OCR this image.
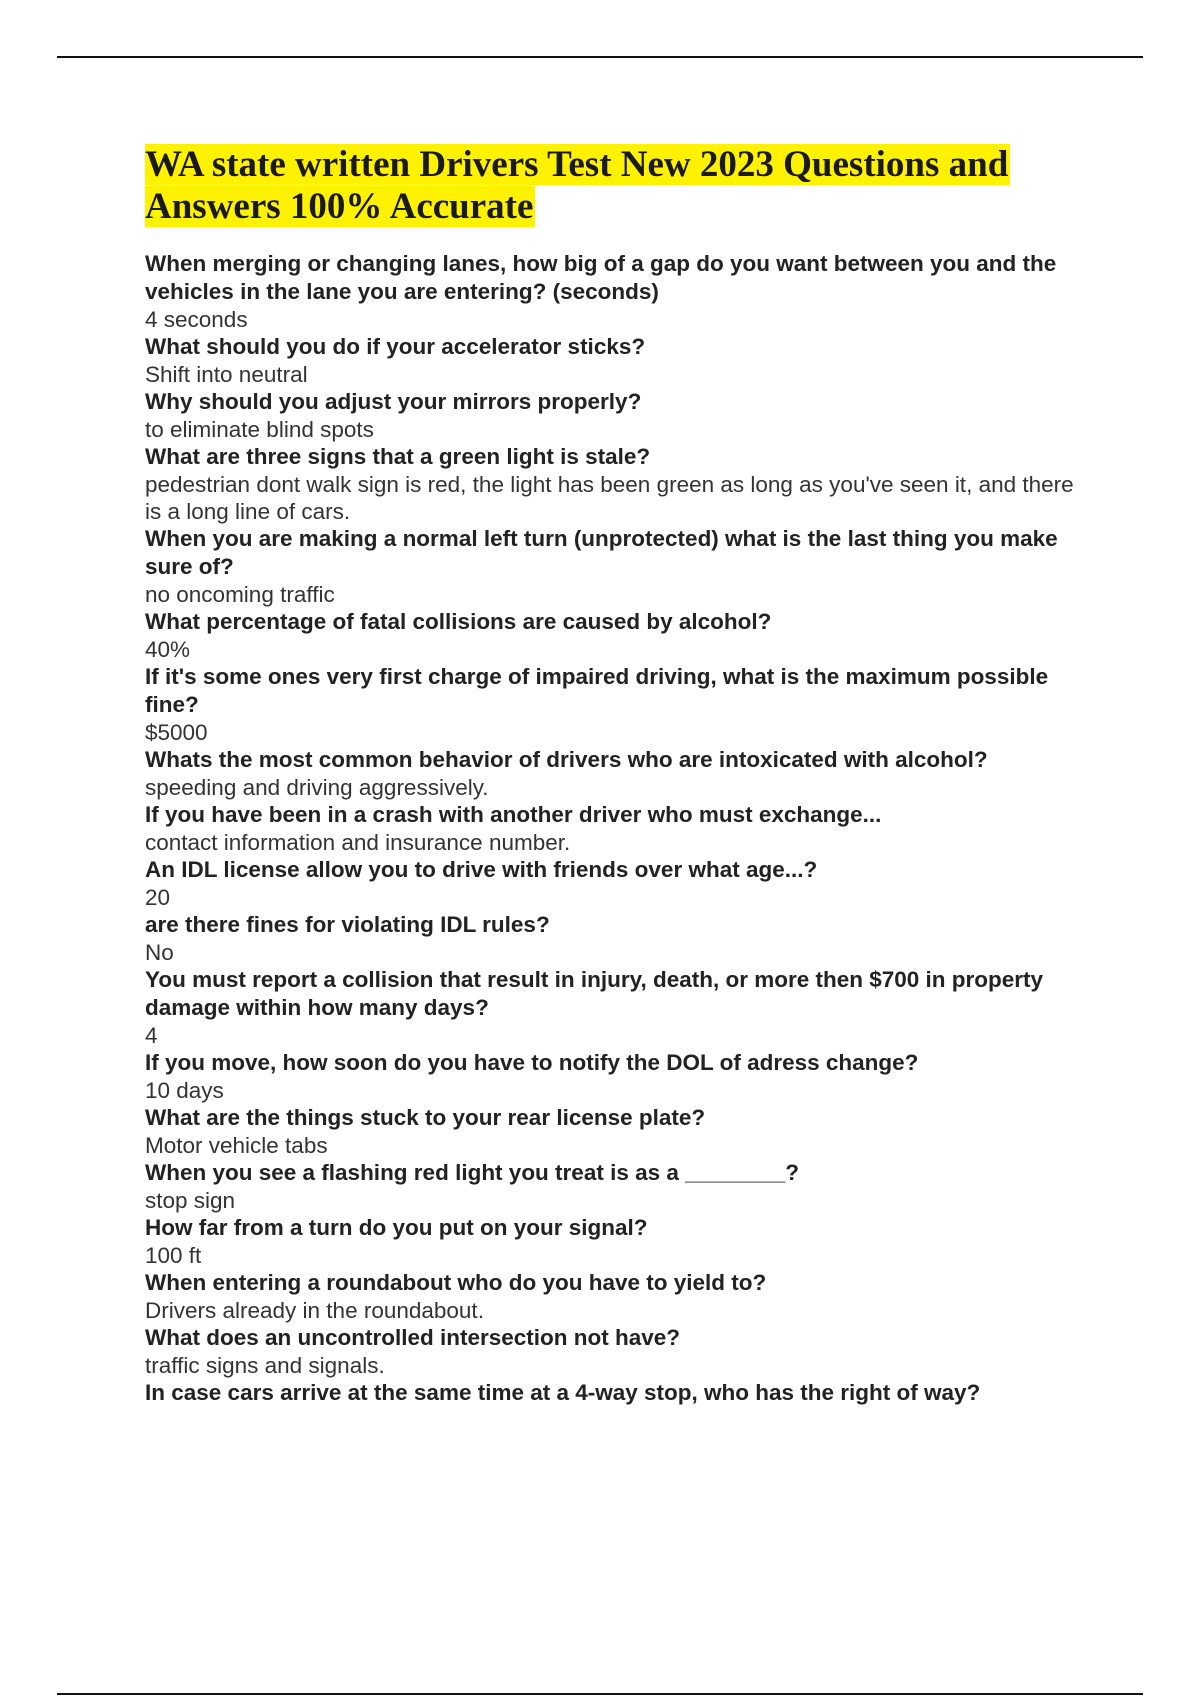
WA state written Drivers Test New 2023 Questions and Answers 100% Accurate
When merging or changing lanes, how big of a gap do you want between you and the vehicles in the lane you are entering? (seconds)
4 seconds
What should you do if your accelerator sticks?
Shift into neutral
Why should you adjust your mirrors properly?
to eliminate blind spots
What are three signs that a green light is stale?
pedestrian dont walk sign is red, the light has been green as long as you've seen it, and there is a long line of cars.
When you are making a normal left turn (unprotected) what is the last thing you make sure of?
no oncoming traffic
What percentage of fatal collisions are caused by alcohol?
40%
If it's some ones very first charge of impaired driving, what is the maximum possible fine?
$5000
Whats the most common behavior of drivers who are intoxicated with alcohol?
speeding and driving aggressively.
If you have been in a crash with another driver who must exchange...
contact information and insurance number.
An IDL license allow you to drive with friends over what age...?
20
are there fines for violating IDL rules?
No
You must report a collision that result in injury, death, or more then $700 in property damage within how many days?
4
If you move, how soon do you have to notify the DOL of adress change?
10 days
What are the things stuck to your rear license plate?
Motor vehicle tabs
When you see a flashing red light you treat is as a ________?
stop sign
How far from a turn do you put on your signal?
100 ft
When entering a roundabout who do you have to yield to?
Drivers already in the roundabout.
What does an uncontrolled intersection not have?
traffic signs and signals.
In case cars arrive at the same time at a 4-way stop, who has the right of way?
